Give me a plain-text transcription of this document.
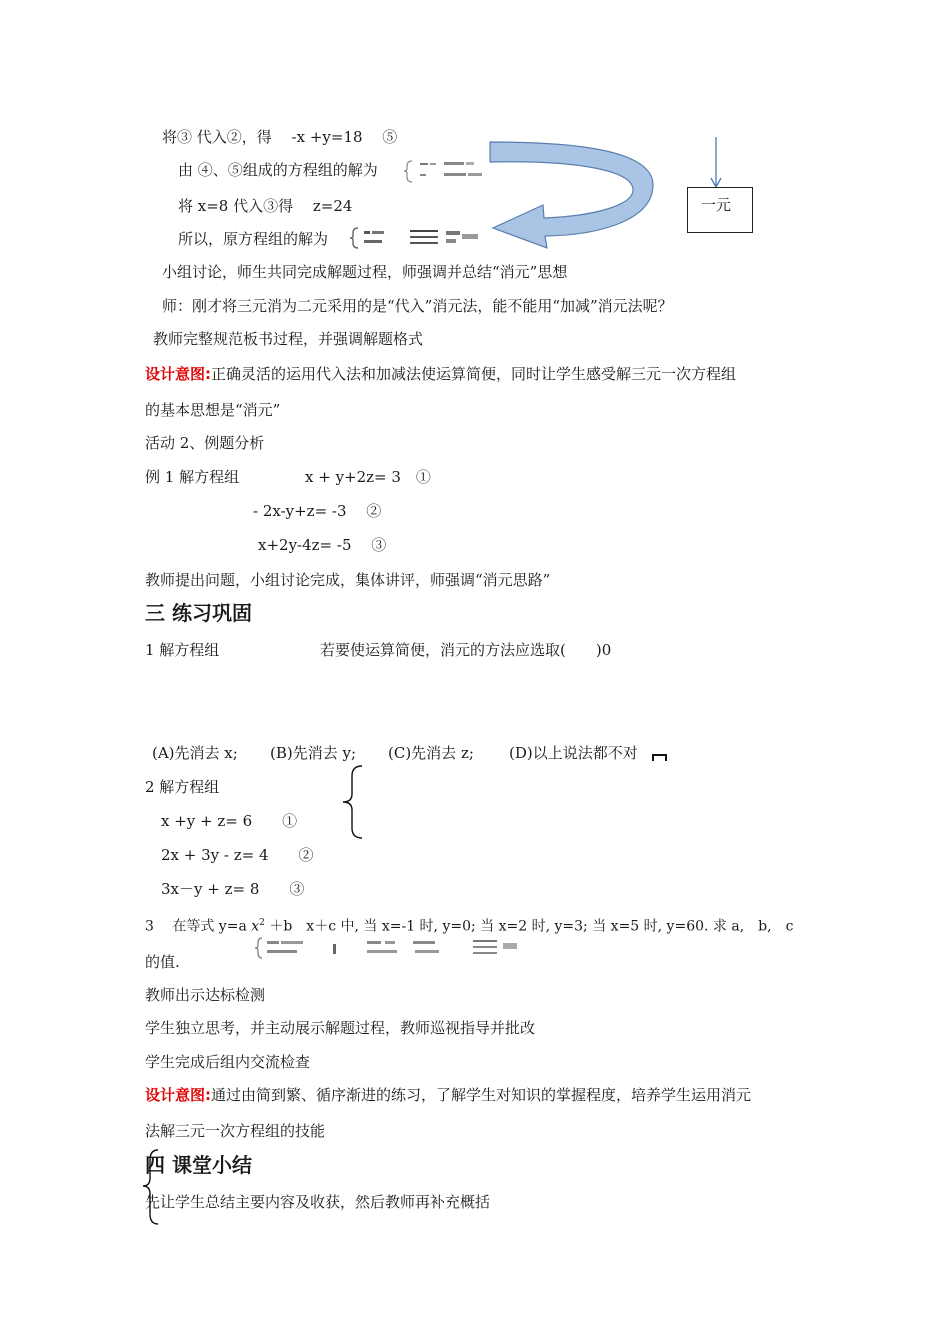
将③ 代入②，得　 -x +y=18　 ⑤
由 ④、⑤组成的方程组的解为
将 x=8 代入③得　 z=24
所以，原方程组的解为
一元
小组讨论，师生共同完成解题过程，师强调并总结“消元”思想
师：刚才将三元消为二元采用的是“代入”消元法，能不能用“加减”消元法呢？
教师完整规范板书过程，并强调解题格式
设计意图:正确灵活的运用代入法和加减法使运算简便，同时让学生感受解三元一次方程组
的基本思想是“消元”
活动 2、例题分析
例 1 解方程组	x + y+2z= 3　①
- 2x-y+z= -3　 ②
x+2y-4z= -5　 ③
教师提出问题，小组讨论完成，集体讲评，师强调“消元思路”
三 练习巩固
1 解方程组	若要使运算简便，消元的方法应选取(　　)0
(A)先消去 x; (B)先消去 y; (C)先消去 z; (D)以上说法都不对
2 解方程组
x +y + z= 6　　①
2x + 3y - z= 4　　②
3x－y + z= 8　　③
3　 在等式 y=a $x^2 +b$　x＋c 中, 当 x=-1 时, y=0; 当 x=2 时, y=3; 当 x=5 时, y=60. 求 a,　b,　c
的值.
教师出示达标检测
学生独立思考，并主动展示解题过程，教师巡视指导并批改
学生完成后组内交流检查
设计意图:通过由简到繁、循序渐进的练习，了解学生对知识的掌握程度，培养学生运用消元
法解三元一次方程组的技能
四 课堂小结
先让学生总结主要内容及收获，然后教师再补充概括
